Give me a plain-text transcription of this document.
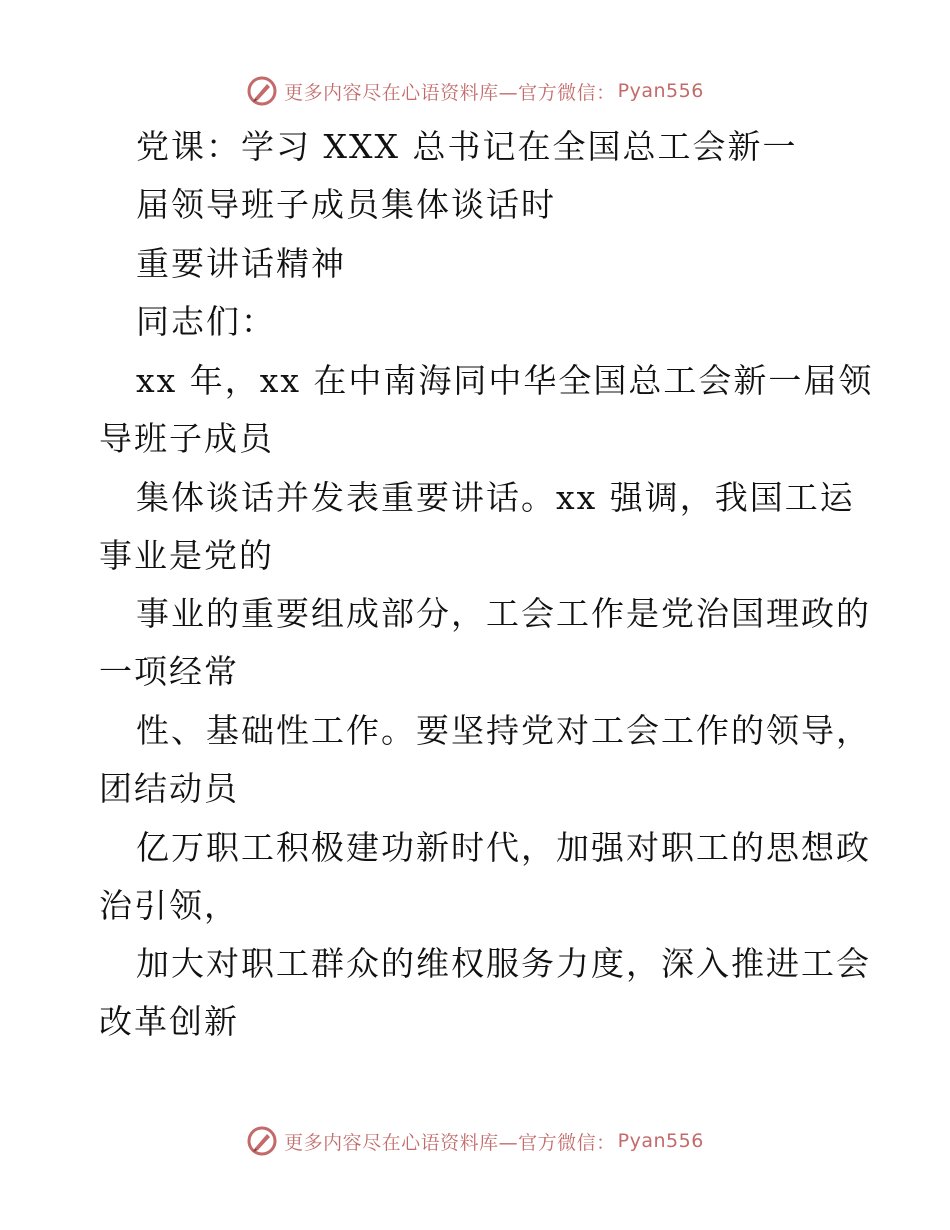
更多内容尽在心语资料库—官方微信： Pyan556
党课：学习 XXX 总书记在全国总工会新一
届领导班子成员集体谈话时
重要讲话精神
同志们：
xx 年，xx 在中南海同中华全国总工会新一届领
导班子成员
集体谈话并发表重要讲话。xx 强调，我国工运
事业是党的
事业的重要组成部分，工会工作是党治国理政的
一项经常
性、基础性工作。要坚持党对工会工作的领导，
团结动员
亿万职工积极建功新时代，加强对职工的思想政
治引领，
加大对职工群众的维权服务力度，深入推进工会
改革创新
更多内容尽在心语资料库—官方微信： Pyan556
